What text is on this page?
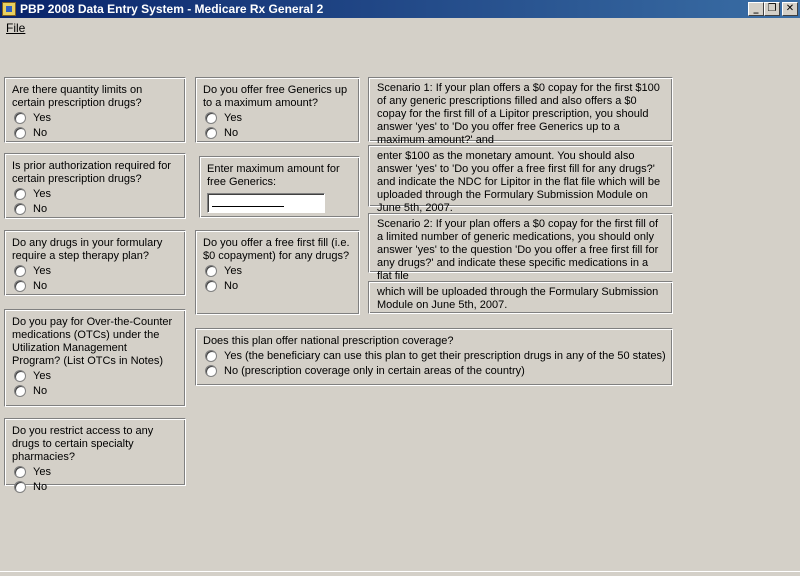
PBP 2008 Data Entry System - Medicare Rx General 2	_ ❐ ✕
File
Are there quantity limits on certain prescription drugs?
Yes
No
Is prior authorization required for certain prescription drugs?
Yes
No
Do any drugs in your formulary require a step therapy plan?
Yes
No
Do you pay for Over-the-Counter medications (OTCs) under the Utilization Management Program? (List OTCs in Notes)
Yes
No
Do you restrict access to any drugs to certain specialty pharmacies?
Yes
No
Do you offer free Generics up to a maximum amount?
Yes
No
Enter maximum amount for free Generics:
Do you offer a free first fill (i.e. $0 copayment) for any drugs?
Yes
No
Scenario 1: If your plan offers a $0 copay for the first $100 of any generic prescriptions filled and also offers a $0 copay for the first fill of a Lipitor prescription, you should answer 'yes' to 'Do you offer free Generics up to a maximum amount?' and
enter $100 as the monetary amount. You should also answer 'yes' to 'Do you offer a free first fill for any drugs?' and indicate the NDC for Lipitor in the flat file which will be uploaded through the Formulary Submission Module on June 5th, 2007.
Scenario 2: If your plan offers a $0 copay for the first fill of a limited number of generic medications, you should only answer 'yes' to the question 'Do you offer a free first fill for any drugs?' and indicate these specific medications in a flat file
which will be uploaded through the Formulary Submission Module on June 5th, 2007.
Does this plan offer national prescription coverage?
Yes (the beneficiary can use this plan to get their prescription drugs in any of the 50 states)
No (prescription coverage only in certain areas of the country)
